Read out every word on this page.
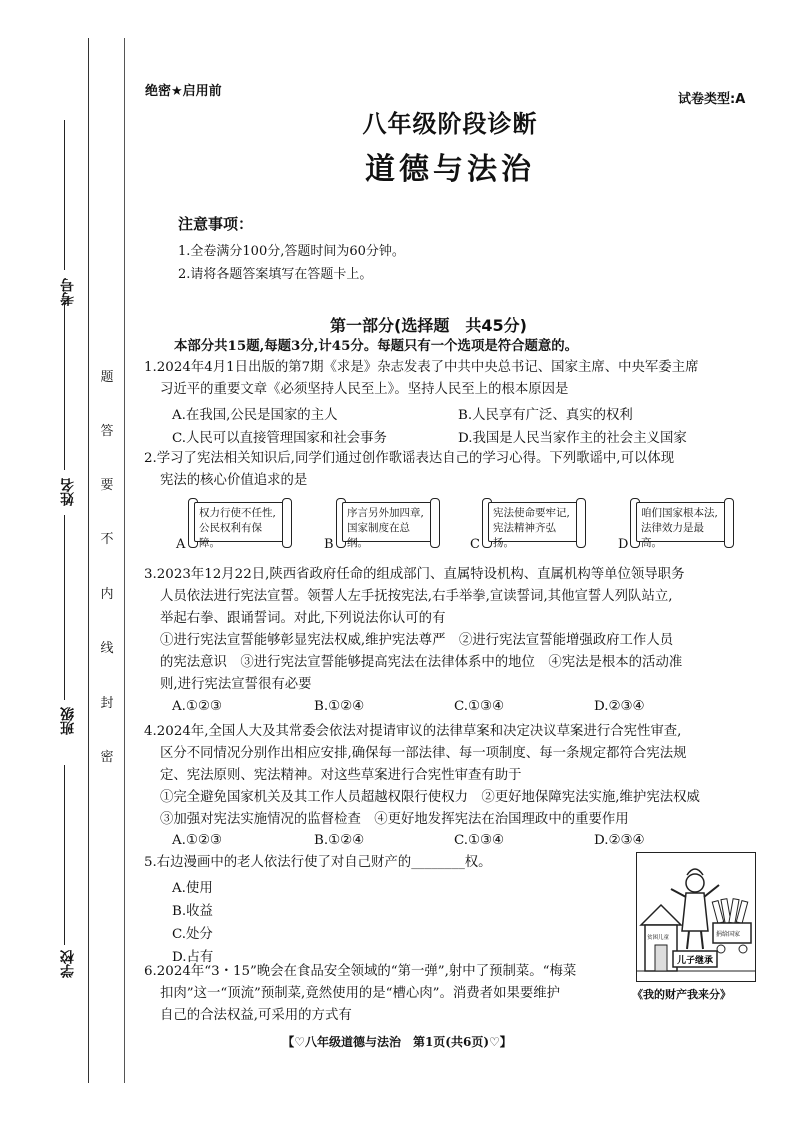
考号
姓名
班级
学校
题
答
要
不
内
线
封
密
绝密★启用前
试卷类型:A
八年级阶段诊断
道德与法治
注意事项：
1.全卷满分100分,答题时间为60分钟。
2.请将各题答案填写在答题卡上。
第一部分(选择题　共45分)
本部分共15题,每题3分,计45分。每题只有一个选项是符合题意的。
1.2024年4月1日出版的第7期《求是》杂志发表了中共中央总书记、国家主席、中央军委主席
习近平的重要文章《必须坚持人民至上》。坚持人民至上的根本原因是
A.在我国,公民是国家的主人	B.人民享有广泛、真实的权利
C.人民可以直接管理国家和社会事务	D.我国是人民当家作主的社会主义国家
2.学习了宪法相关知识后,同学们通过创作歌谣表达自己的学习心得。下列歌谣中,可以体现
宪法的核心价值追求的是
权力行使不任性,
公民权利有保障。
A
序言另外加四章,
国家制度在总纲。
B
宪法使命要牢记,
宪法精神齐弘扬。
C
咱们国家根本法,
法律效力是最高。
D
3.2023年12月22日,陕西省政府任命的组成部门、直属特设机构、直属机构等单位领导职务
人员依法进行宪法宣誓。领誓人左手抚按宪法,右手举拳,宣读誓词,其他宣誓人列队站立,
举起右拳、跟诵誓词。对此,下列说法你认可的有
①进行宪法宣誓能够彰显宪法权威,维护宪法尊严　②进行宪法宣誓能增强政府工作人员
的宪法意识　③进行宪法宣誓能够提高宪法在法律体系中的地位　④宪法是根本的活动准
则,进行宪法宣誓很有必要
A.①②③	B.①②④	C.①③④	D.②③④
4.2024年,全国人大及其常委会依法对提请审议的法律草案和决定决议草案进行合宪性审查,
区分不同情况分别作出相应安排,确保每一部法律、每一项制度、每一条规定都符合宪法规
定、宪法原则、宪法精神。对这些草案进行合宪性审查有助于
①完全避免国家机关及其工作人员超越权限行使权力　②更好地保障宪法实施,维护宪法权威
③加强对宪法实施情况的监督检查　④更好地发挥宪法在治国理政中的重要作用
A.①②③	B.①②④	C.①③④	D.②③④
5.右边漫画中的老人依法行使了对自己财产的________权。
A.使用
B.收益
C.处分
D.占有	儿子继承
贫困儿童	捐给国家
《我的财产我来分》
6.2024年“3・15”晚会在食品安全领域的“第一弹”,射中了预制菜。“梅菜
扣肉”这一“顶流”预制菜,竟然使用的是“槽心肉”。消费者如果要维护
自己的合法权益,可采用的方式有
【♡八年级道德与法治　第1页(共6页)♡】
